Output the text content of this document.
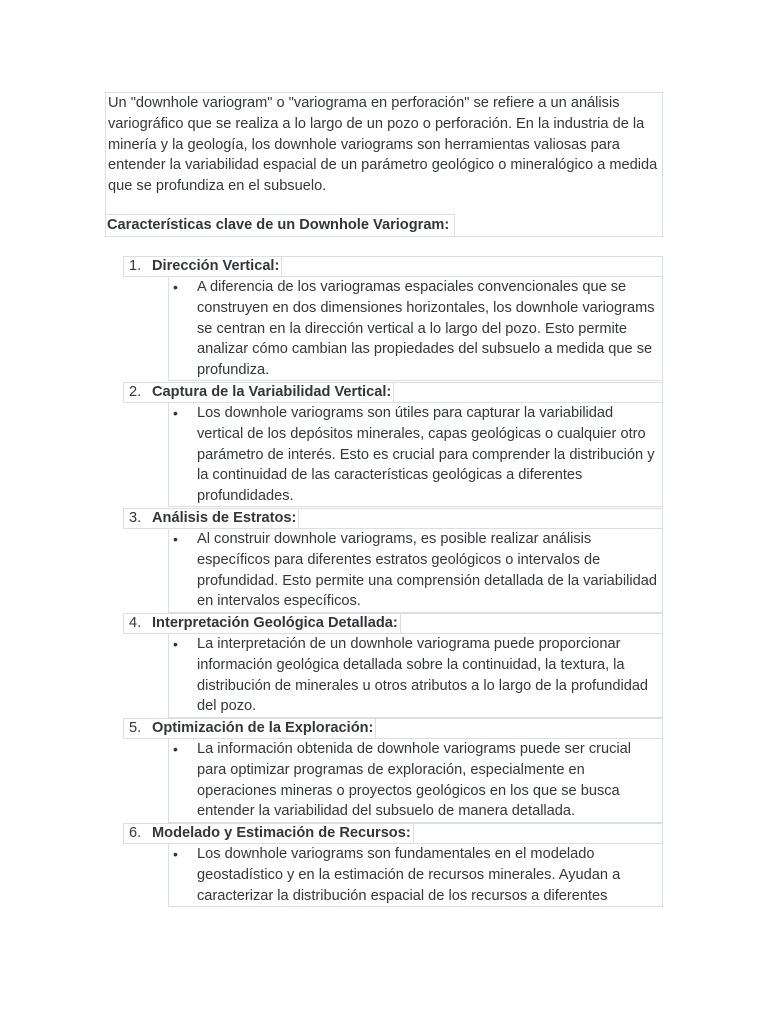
Un "downhole variogram" o "variograma en perforación" se refiere a un análisis variográfico que se realiza a lo largo de un pozo o perforación. En la industria de la minería y la geología, los downhole variograms son herramientas valiosas para entender la variabilidad espacial de un parámetro geológico o mineralógico a medida que se profundiza en el subsuelo.

Características clave de un Downhole Variogram:

1. Dirección Vertical:
• A diferencia de los variogramas espaciales convencionales que se construyen en dos dimensiones horizontales, los downhole variograms se centran en la dirección vertical a lo largo del pozo. Esto permite analizar cómo cambian las propiedades del subsuelo a medida que se profundiza.

2. Captura de la Variabilidad Vertical:
• Los downhole variograms son útiles para capturar la variabilidad vertical de los depósitos minerales, capas geológicas o cualquier otro parámetro de interés. Esto es crucial para comprender la distribución y la continuidad de las características geológicas a diferentes profundidades.

3. Análisis de Estratos:
• Al construir downhole variograms, es posible realizar análisis específicos para diferentes estratos geológicos o intervalos de profundidad. Esto permite una comprensión detallada de la variabilidad en intervalos específicos.

4. Interpretación Geológica Detallada:
• La interpretación de un downhole variograma puede proporcionar información geológica detallada sobre la continuidad, la textura, la distribución de minerales u otros atributos a lo largo de la profundidad del pozo.

5. Optimización de la Exploración:
• La información obtenida de downhole variograms puede ser crucial para optimizar programas de exploración, especialmente en operaciones mineras o proyectos geológicos en los que se busca entender la variabilidad del subsuelo de manera detallada.

6. Modelado y Estimación de Recursos:
• Los downhole variograms son fundamentales en el modelado geostadístico y en la estimación de recursos minerales. Ayudan a caracterizar la distribución espacial de los recursos a diferentes
